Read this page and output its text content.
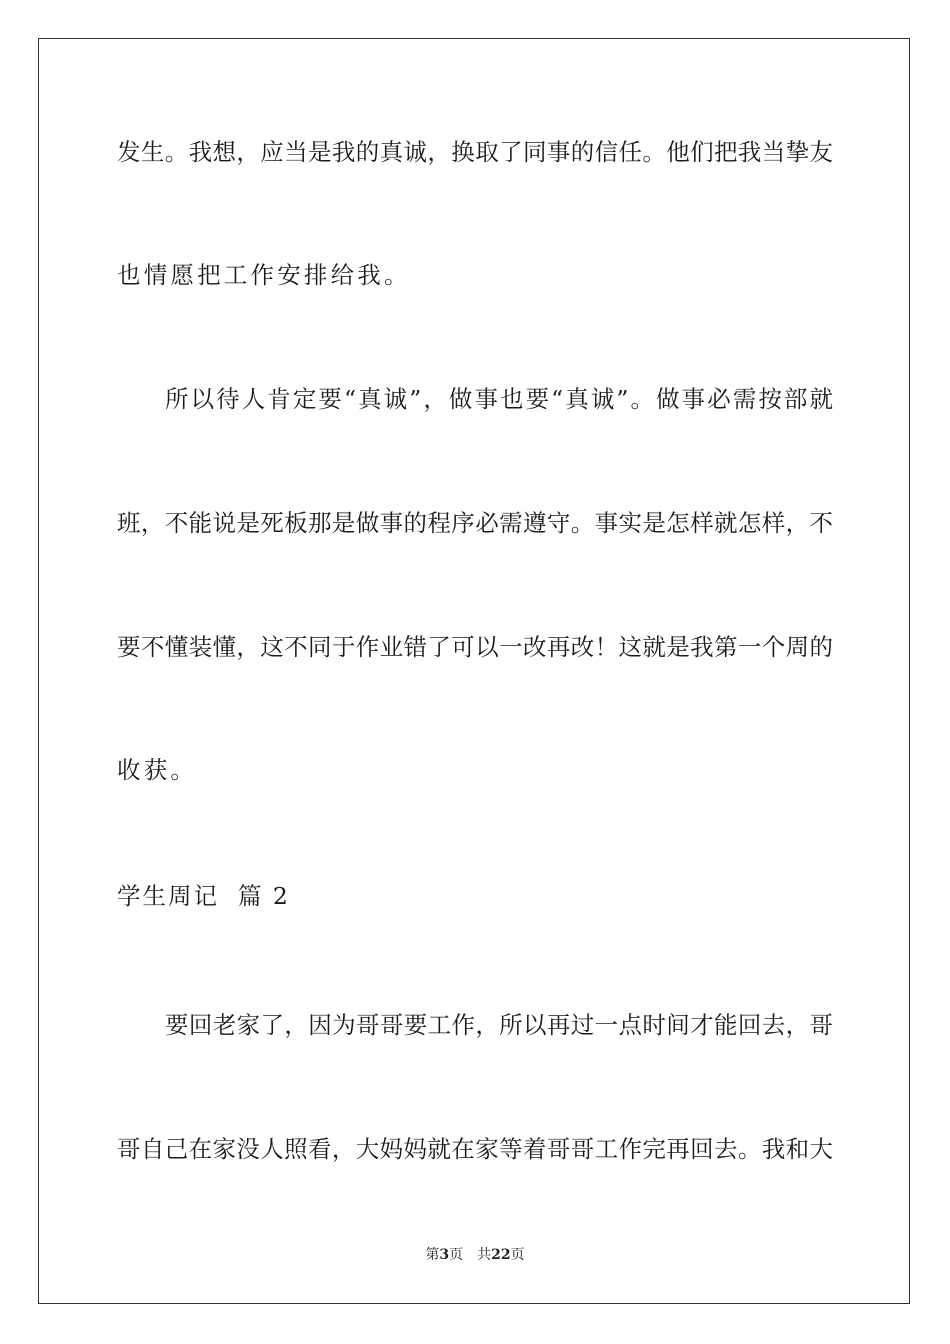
发生。我想，应当是我的真诚，换取了同事的信任。他们把我当挚友
也情愿把工作安排给我。
所以待人肯定要“真诚”，做事也要“真诚”。做事必需按部就
班，不能说是死板那是做事的程序必需遵守。事实是怎样就怎样，不
要不懂装懂，这不同于作业错了可以一改再改！这就是我第一个周的
收获。
学生周记  篇 2
要回老家了，因为哥哥要工作，所以再过一点时间才能回去，哥
哥自己在家没人照看，大妈妈就在家等着哥哥工作完再回去。我和大
第3页 共22页
